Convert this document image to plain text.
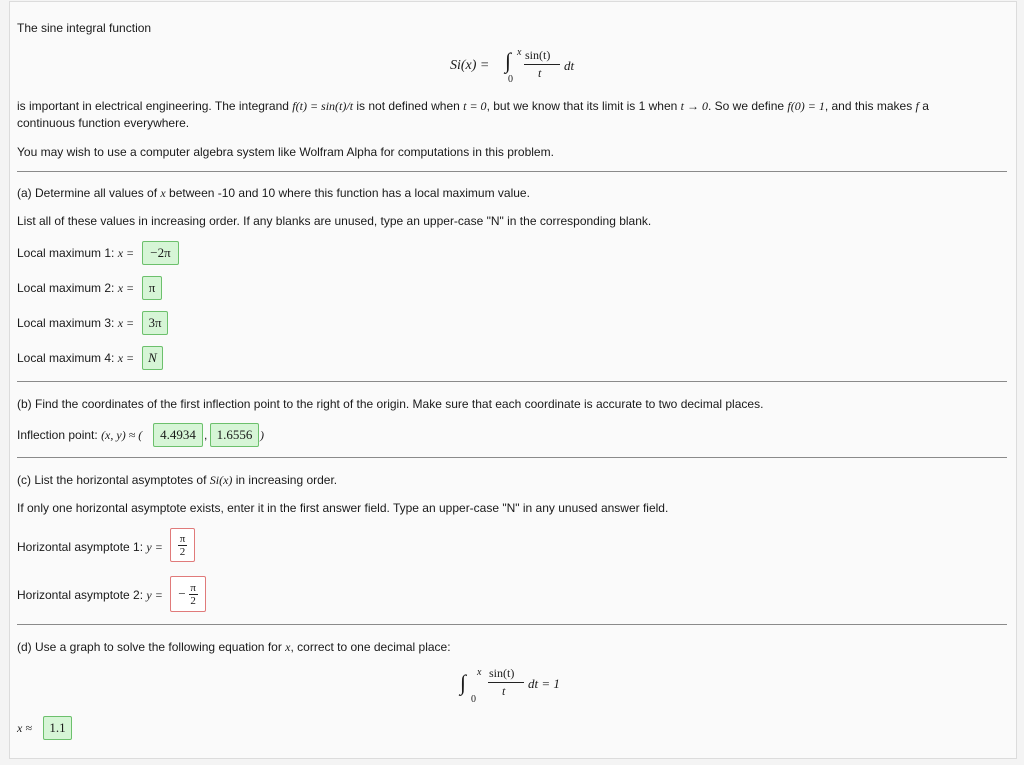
The sine integral function
Si(x) = ∫ x
0
sin(t)
t dt
is important in electrical engineering. The integrand f(t) = sin(t)/t is not defined when t = 0, but we know that its limit is 1 when t → 0. So we define f(0) = 1, and this makes f a
continuous function everywhere.
You may wish to use a computer algebra system like Wolfram Alpha for computations in this problem.
(a) Determine all values of x between -10 and 10 where this function has a local maximum value.
List all of these values in increasing order. If any blanks are unused, type an upper-case "N" in the corresponding blank.
Local maximum 1: x =	−2π
Local maximum 2: x =	π
Local maximum 3: x =	3π
Local maximum 4: x =	N
(b) Find the coordinates of the first inflection point to the right of the origin. Make sure that each coordinate is accurate to two decimal places.
Inflection point: (x, y) ≈ (	4.4934 , 1.6556 )
(c) List the horizontal asymptotes of Si(x) in increasing order.
If only one horizontal asymptote exists, enter it in the first answer field. Type an upper-case "N" in any unused answer field.
Horizontal asymptote 1: $y = \frac{\pi}{2}$
Horizontal asymptote 2: y = − $\frac{\pi}{2}$
(d) Use a graph to solve the following equation for x, correct to one decimal place:
∫ x
0
sin(t)
t dt = 1
x ≈	1.1
